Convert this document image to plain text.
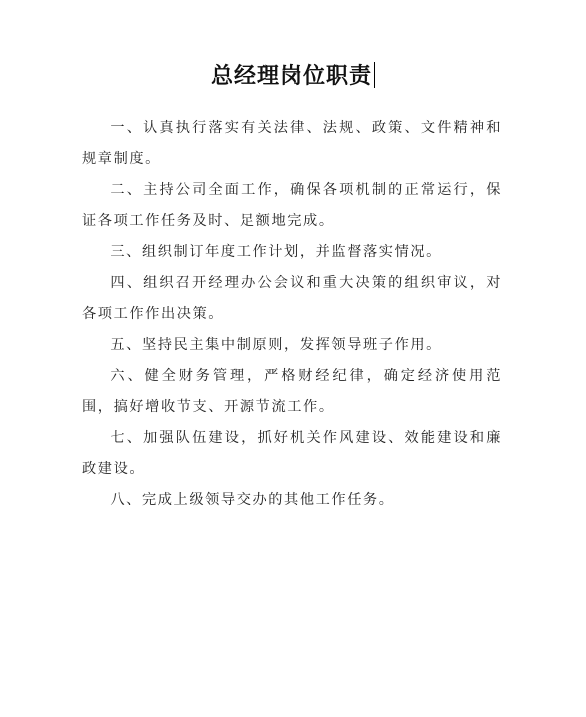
总经理岗位职责

一、认真执行落实有关法律、法规、政策、文件精神和规章制度。

二、主持公司全面工作，确保各项机制的正常运行，保证各项工作任务及时、足额地完成。

三、组织制订年度工作计划，并监督落实情况。

四、组织召开经理办公会议和重大决策的组织审议，对各项工作作出决策。

五、坚持民主集中制原则，发挥领导班子作用。

六、健全财务管理，严格财经纪律，确定经济使用范围，搞好增收节支、开源节流工作。

七、加强队伍建设，抓好机关作风建设、效能建设和廉政建设。

八、完成上级领导交办的其他工作任务。
